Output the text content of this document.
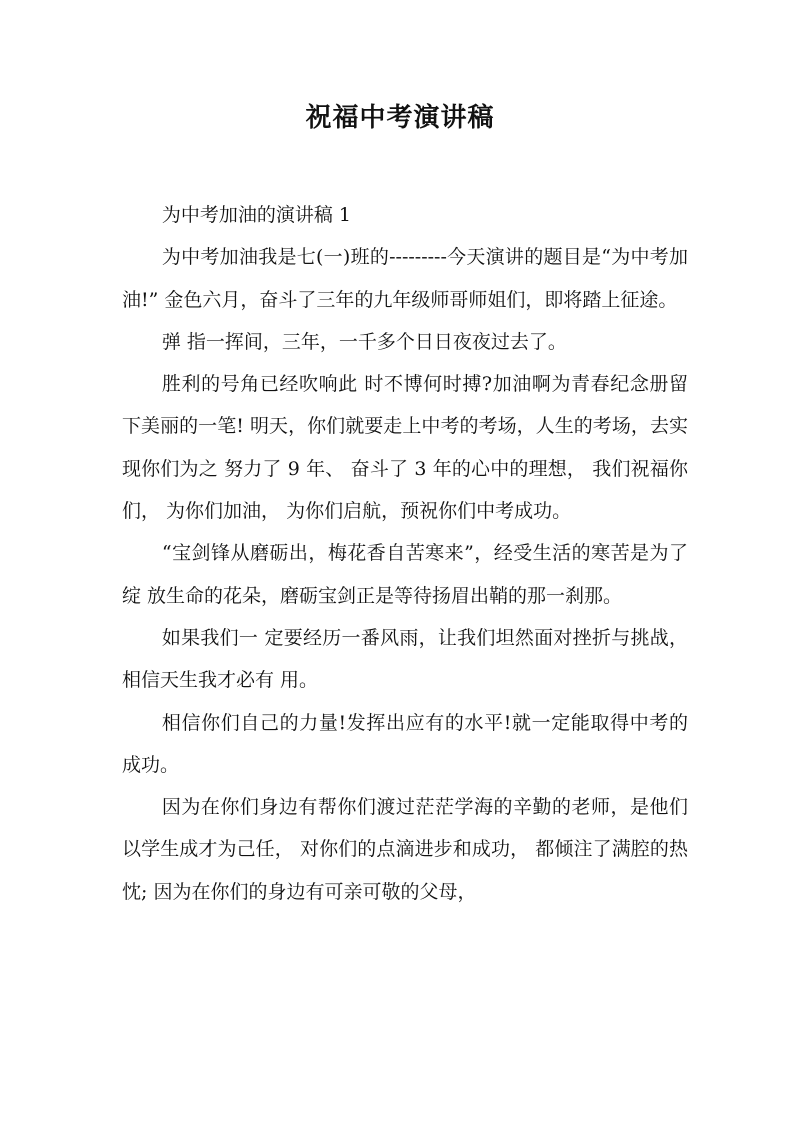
祝福中考演讲稿

为中考加油的演讲稿 1

为中考加油我是七(一)班的---------今天演讲的题目是“为中考加油!” 金色六月，奋斗了三年的九年级师哥师姐们，即将踏上征途。

弹 指一挥间，三年，一千多个日日夜夜过去了。

胜利的号角已经吹响此 时不博何时搏?加油啊为青春纪念册留下美丽的一笔! 明天，你们就要走上中考的考场，人生的考场，去实现你们为之 努力了 9 年、 奋斗了 3 年的心中的理想， 我们祝福你们， 为你们加油， 为你们启航，预祝你们中考成功。

“宝剑锋从磨砺出，梅花香自苦寒来”，经受生活的寒苦是为了绽 放生命的花朵，磨砺宝剑正是等待扬眉出鞘的那一刹那。

如果我们一 定要经历一番风雨，让我们坦然面对挫折与挑战，相信天生我才必有 用。

相信你们自己的力量!发挥出应有的水平!就一定能取得中考的 成功。

因为在你们身边有帮你们渡过茫茫学海的辛勤的老师，是他们 以学生成才为己任， 对你们的点滴进步和成功， 都倾注了满腔的热忱; 因为在你们的身边有可亲可敬的父母，
